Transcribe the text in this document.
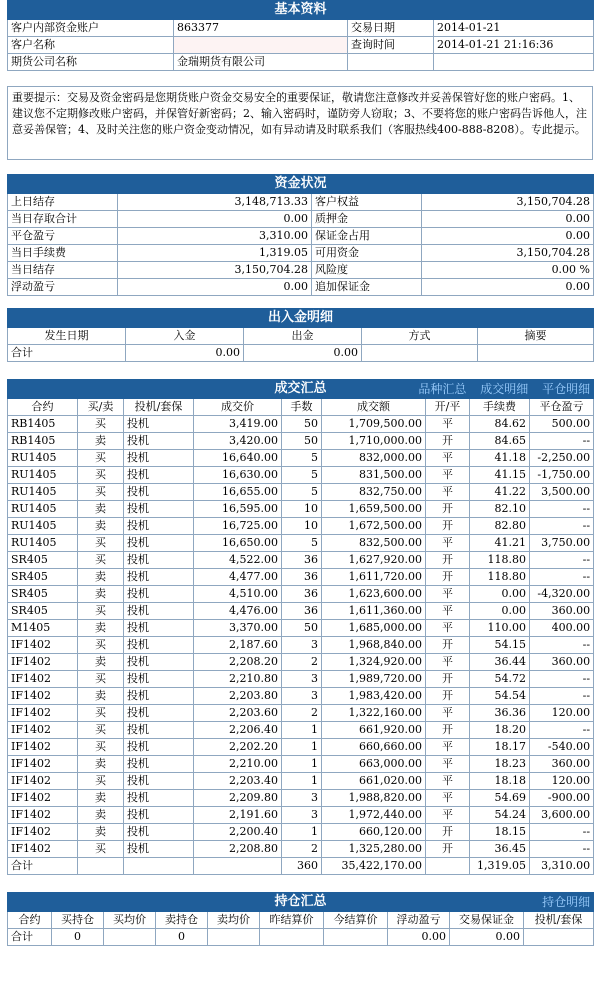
基本资料			
客户内部资金账户	863377	交易日期	2014-01-21
客户名称		查询时间	2014-01-21 21:16:36
期货公司名称	金瑞期货有限公司		
重要提示：交易及资金密码是您期货账户资金交易安全的重要保证，敬请您注意修改并妥善保管好您的账户密码。1、建议您不定期修改账户密码，并保管好新密码；2、输入密码时，谨防旁人窃取；3、不要将您的账户密码告诉他人，注意妥善保管；4、及时关注您的账户资金变动情况，如有异动请及时联系我们（客服热线400-888-8208）。专此提示。
资金状况			
上日结存	3,148,713.33	客户权益	3,150,704.28
当日存取合计	0.00	质押金	0.00
平仓盈亏	3,310.00	保证金占用	0.00
当日手续费	1,319.05	可用资金	3,150,704.28
当日结存	3,150,704.28	风险度	0.00 %
浮动盈亏	0.00	追加保证金	0.00
出入金明细				
发生日期	入金	出金	方式	摘要
合计	0.00	0.00		
成交汇总 品种汇总 成交明细 平仓明细								

合约	买/卖	投机/套保	成交价	手数	成交额	开/平	手续费	平仓盈亏
RB1405	买	投机	3,419.00	50	1,709,500.00	平	84.62	500.00
RB1405	卖	投机	3,420.00	50	1,710,000.00	开	84.65	--
RU1405	买	投机	16,640.00	5	832,000.00	平	41.18	-2,250.00
RU1405	买	投机	16,630.00	5	831,500.00	平	41.15	-1,750.00
RU1405	买	投机	16,655.00	5	832,750.00	平	41.22	3,500.00
RU1405	卖	投机	16,595.00	10	1,659,500.00	开	82.10	--
RU1405	卖	投机	16,725.00	10	1,672,500.00	开	82.80	--
RU1405	买	投机	16,650.00	5	832,500.00	平	41.21	3,750.00
SR405	买	投机	4,522.00	36	1,627,920.00	开	118.80	--
SR405	卖	投机	4,477.00	36	1,611,720.00	开	118.80	--
SR405	卖	投机	4,510.00	36	1,623,600.00	平	0.00	-4,320.00
SR405	买	投机	4,476.00	36	1,611,360.00	平	0.00	360.00
M1405	卖	投机	3,370.00	50	1,685,000.00	平	110.00	400.00
IF1402	买	投机	2,187.60	3	1,968,840.00	开	54.15	--
IF1402	卖	投机	2,208.20	2	1,324,920.00	平	36.44	360.00
IF1402	买	投机	2,210.80	3	1,989,720.00	开	54.72	--
IF1402	卖	投机	2,203.80	3	1,983,420.00	开	54.54	--
IF1402	买	投机	2,203.60	2	1,322,160.00	平	36.36	120.00
IF1402	买	投机	2,206.40	1	661,920.00	开	18.20	--
IF1402	买	投机	2,202.20	1	660,660.00	平	18.17	-540.00
IF1402	卖	投机	2,210.00	1	663,000.00	平	18.23	360.00
IF1402	买	投机	2,203.40	1	661,020.00	平	18.18	120.00
IF1402	卖	投机	2,209.80	3	1,988,820.00	平	54.69	-900.00
IF1402	卖	投机	2,191.60	3	1,972,440.00	平	54.24	3,600.00
IF1402	卖	投机	2,200.40	1	660,120.00	开	18.15	--
IF1402	买	投机	2,208.80	2	1,325,280.00	开	36.45	--
合计				360	35,422,170.00		1,319.05	3,310.00
持仓汇总 持仓明细									

合约	买持仓	买均价	卖持仓	卖均价	昨结算价	今结算价	浮动盈亏	交易保证金	投机/套保
合计	0		0				0.00	0.00	
